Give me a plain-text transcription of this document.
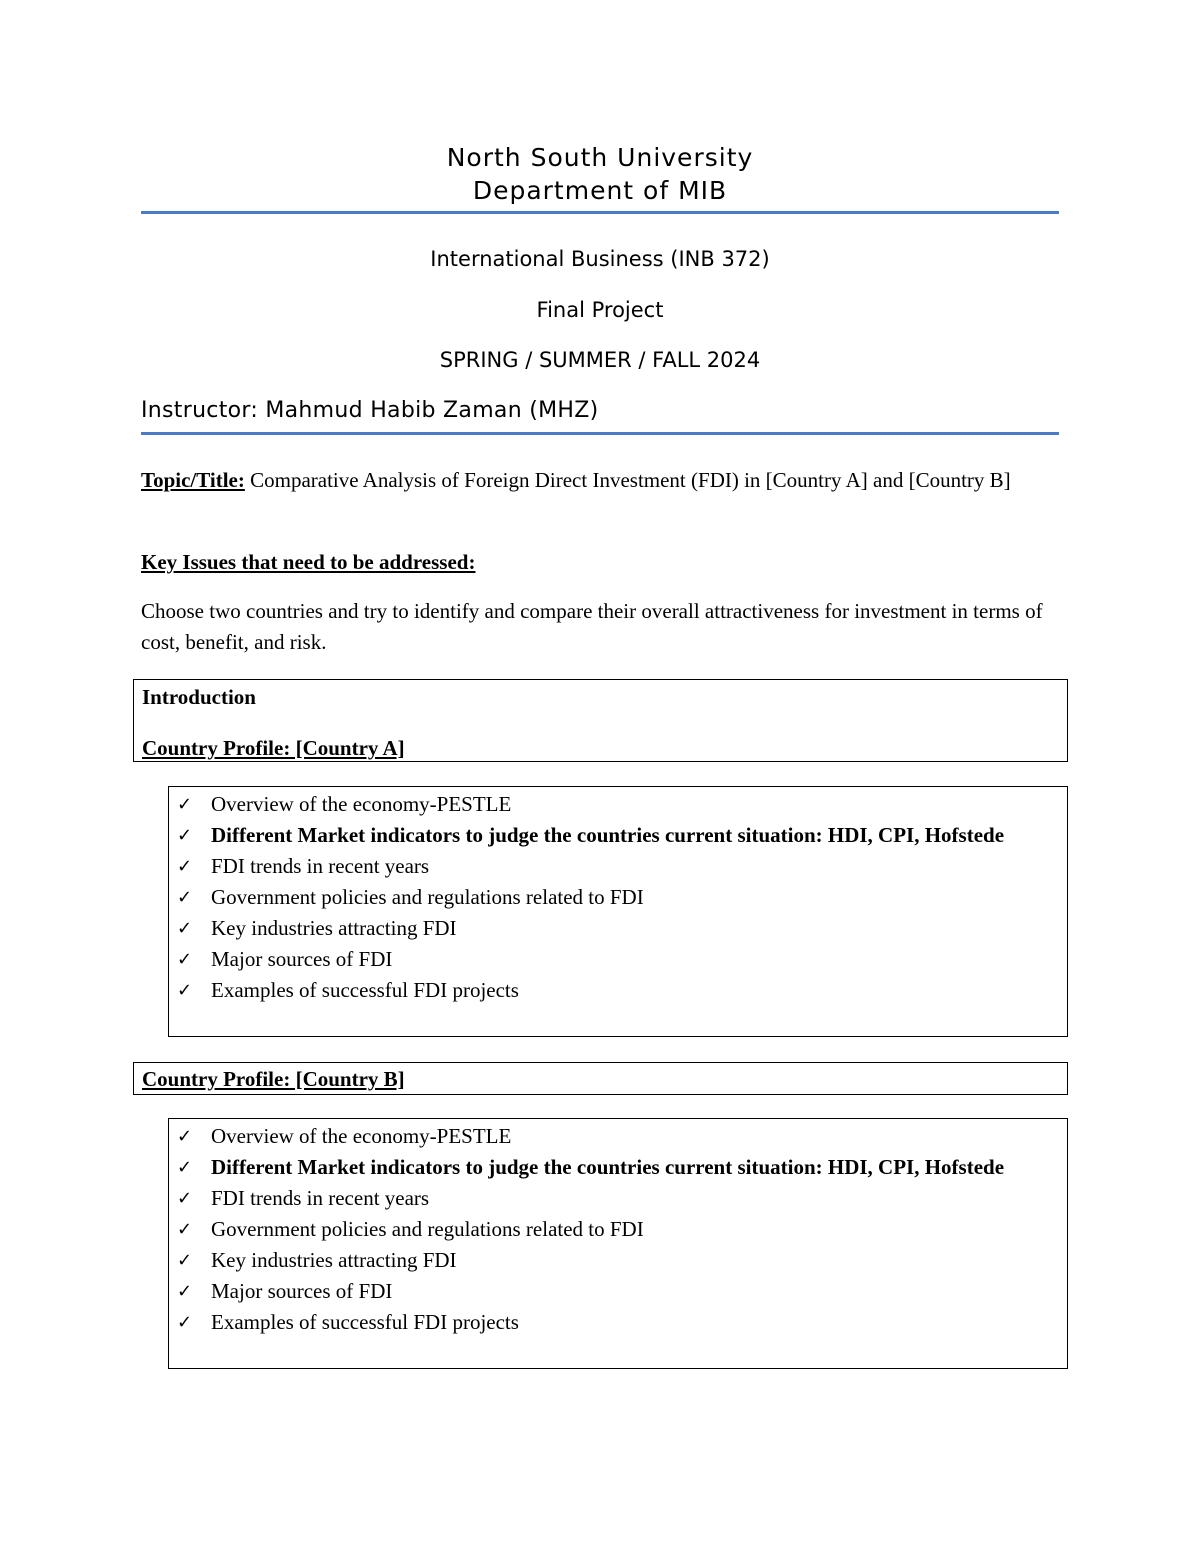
North South University
Department of MIB
International Business (INB 372)
Final Project
SPRING / SUMMER / FALL 2024
Instructor: Mahmud Habib Zaman (MHZ)
Topic/Title: Comparative Analysis of Foreign Direct Investment (FDI) in [Country A] and [Country B]
Key Issues that need to be addressed:
Choose two countries and try to identify and compare their overall attractiveness for investment in terms of cost, benefit, and risk.
Introduction
Country Profile: [Country A]
✓ Overview of the economy-PESTLE
✓ Different Market indicators to judge the countries current situation: HDI, CPI, Hofstede
✓ FDI trends in recent years
✓ Government policies and regulations related to FDI
✓ Key industries attracting FDI
✓ Major sources of FDI
✓ Examples of successful FDI projects
Country Profile: [Country B]
✓ Overview of the economy-PESTLE
✓ Different Market indicators to judge the countries current situation: HDI, CPI, Hofstede
✓ FDI trends in recent years
✓ Government policies and regulations related to FDI
✓ Key industries attracting FDI
✓ Major sources of FDI
✓ Examples of successful FDI projects
